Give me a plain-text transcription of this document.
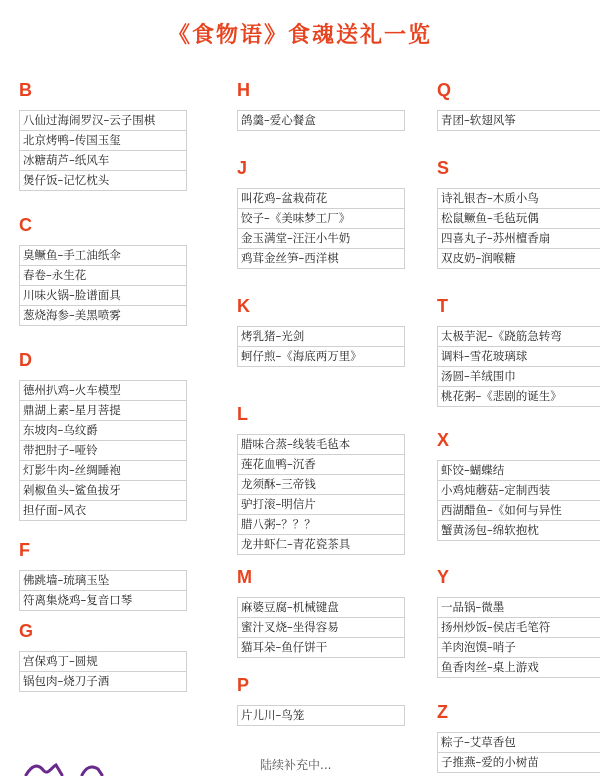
《食物语》食魂送礼一览
B
八仙过海闹罗汉–云子围棋
北京烤鸭–传国玉玺
冰糖葫芦–纸风车
煲仔饭–记忆枕头
C
臭鳜鱼–手工油纸伞
春卷–永生花
川味火锅–脸谱面具
葱烧海参–美黑喷雾
D
德州扒鸡–火车模型
鼎湖上素–星月菩提
东坡肉–乌纹爵
带把肘子–哑铃
灯影牛肉–丝绸睡袍
剁椒鱼头–鲨鱼拔牙
担仔面–风衣
F
佛跳墙–琉璃玉坠
符离集烧鸡–复音口琴
G
宫保鸡丁–圆规
锅包肉–烧刀子酒
H
鸽羹–爱心餐盒
J
叫花鸡–盆栽荷花
饺子–《美味梦工厂》
金玉满堂–汪汪小牛奶
鸡茸金丝笋–西洋棋
K
烤乳猪–光剑
蚵仔煎–《海底两万里》
L
腊味合蒸–线装毛毡本
莲花血鸭–沉香
龙须酥–三帝钱
驴打滚–明信片
腊八粥–？？？
龙井虾仁–青花瓷茶具
M
麻婆豆腐–机械键盘
蜜汁叉烧–坐得容易
猫耳朵–鱼仔饼干
P
片儿川–鸟笼
Q
青团–软翅风筝
S
诗礼银杏–木质小鸟
松鼠鳜鱼–毛毡玩偶
四喜丸子–苏州檀香扇
双皮奶–润喉糖
T
太极芋泥–《跷筋急转弯
调料–雪花玻璃球
汤圆–羊绒围巾
桃花粥–《悲剧的诞生》
X
虾饺–蝴蝶结
小鸡炖蘑菇–定制西装
西湖醋鱼–《如何与异性
蟹黄汤包–绵软抱枕
Y
一品锅–微墨
扬州炒饭–侯店毛笔符
羊肉泡馍–哨子
鱼香肉丝–桌上游戏
Z
粽子–艾草香包
子推燕–爱的小树苗
陆续补充中...
